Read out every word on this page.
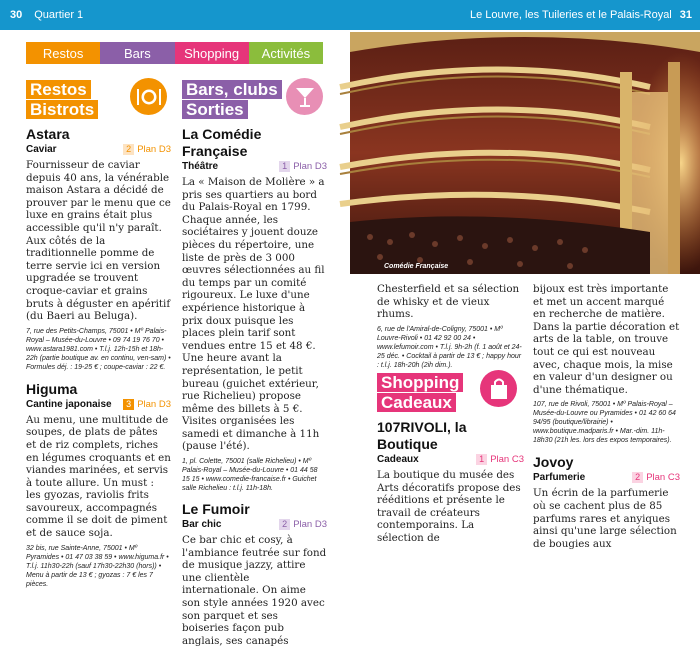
30 Quartier 1
Restos	Bars	Shopping	Activités
Restos
Bistrots
Bars, clubs
Sorties
Astara
Caviar	2 Plan D3
Fournisseur de caviar depuis 40 ans, la vénérable maison Astara a décidé de prouver par le menu que ce luxe en grains était plus accessible qu'il n'y paraît. Aux côtés de la traditionnelle pomme de terre servie ici en version upgradée se trouvent croque-caviar et grains bruts à déguster en apéritif (du Baeri au Beluga).
7, rue des Petits-Champs, 75001 • Mº Palais-Royal – Musée-du-Louvre • 09 74 19 76 70 • www.astara1981.com • T.l.j. 12h-15h et 18h-22h (partie boutique av. en continu, ven-sam) • Formules déj. : 19-25 € ; coupe-caviar : 22 €.
Higuma
Cantine japonaise	3 Plan D3
Au menu, une multitude de soupes, de plats de pâtes et de riz complets, riches en légumes croquants et en viandes marinées, et servis à toute allure. Un must : les gyozas, raviolis frits savoureux, accompagnés comme il se doit de piment et de sauce soja.
32 bis, rue Sainte-Anne, 75001 • Mº Pyramides • 01 47 03 38 59 • www.higuma.fr • T.l.j. 11h30-22h (sauf 17h30-22h30 (hors)) • Menu à partir de 13 € ; gyozas : 7 € les 7 pièces.
La Comédie Française
Théâtre	1 Plan D3
La « Maison de Molière » a pris ses quartiers au bord du Palais-Royal en 1799. Chaque année, les sociétaires y jouent douze pièces du répertoire, une liste de près de 3 000 œuvres sélectionnées au fil du temps par un comité rigoureux. Le luxe d'une expérience historique à prix doux puisque les places plein tarif sont vendues entre 15 et 48 €. Une heure avant la représentation, le petit bureau (guichet extérieur, rue Richelieu) propose même des billets à 5 €. Visites organisées les samedi et dimanche à 11h (pause l'été).
1, pl. Colette, 75001 (salle Richelieu) • Mº Palais-Royal – Musée-du-Louvre • 01 44 58 15 15 • www.comedie-francaise.fr • Guichet salle Richelieu : t.l.j. 11h-18h.
Le Fumoir
Bar chic	2 Plan D3
Ce bar chic et cosy, à l'ambiance feutrée sur fond de musique jazzy, attire une clientèle internationale. On aime son style années 1920 avec son parquet et ses boiseries façon pub anglais, ses canapés
Le Louvre, les Tuileries et le Palais-Royal 31
Comédie Française
Chesterfield et sa sélection de whisky et de vieux rhums.
6, rue de l'Amiral-de-Coligny, 75001 • Mº Louvre-Rivoli • 01 42 92 00 24 • www.lefumoir.com • T.l.j. 9h-2h (f. 1 août et 24-25 déc. • Cocktail à partir de 13 € ; happy hour : t.l.j. 18h-20h (2ih dim.).
Shopping
Cadeaux
107RIVOLI, la Boutique
Cadeaux	1 Plan C3
La boutique du musée des Arts décoratifs propose des rééditions et présente le travail de créateurs contemporains. La sélection de
bijoux est très importante et met un accent marqué en recherche de matière. Dans la partie décoration et arts de la table, on trouve tout ce qui est nouveau avec, chaque mois, la mise en valeur d'un designer ou d'une thématique.
107, rue de Rivoli, 75001 • Mº Palais-Royal – Musée-du-Louvre ou Pyramides • 01 42 60 64 94/95 (boutique/librairie) • www.boutique.madparis.fr • Mar.-dim. 11h-18h30 (21h les. lors des expos temporaires).
Jovoy
Parfumerie	2 Plan C3
Un écrin de la parfumerie où se cachent plus de 85 parfums rares et anyiques ainsi qu'une large sélection de bougies aux
